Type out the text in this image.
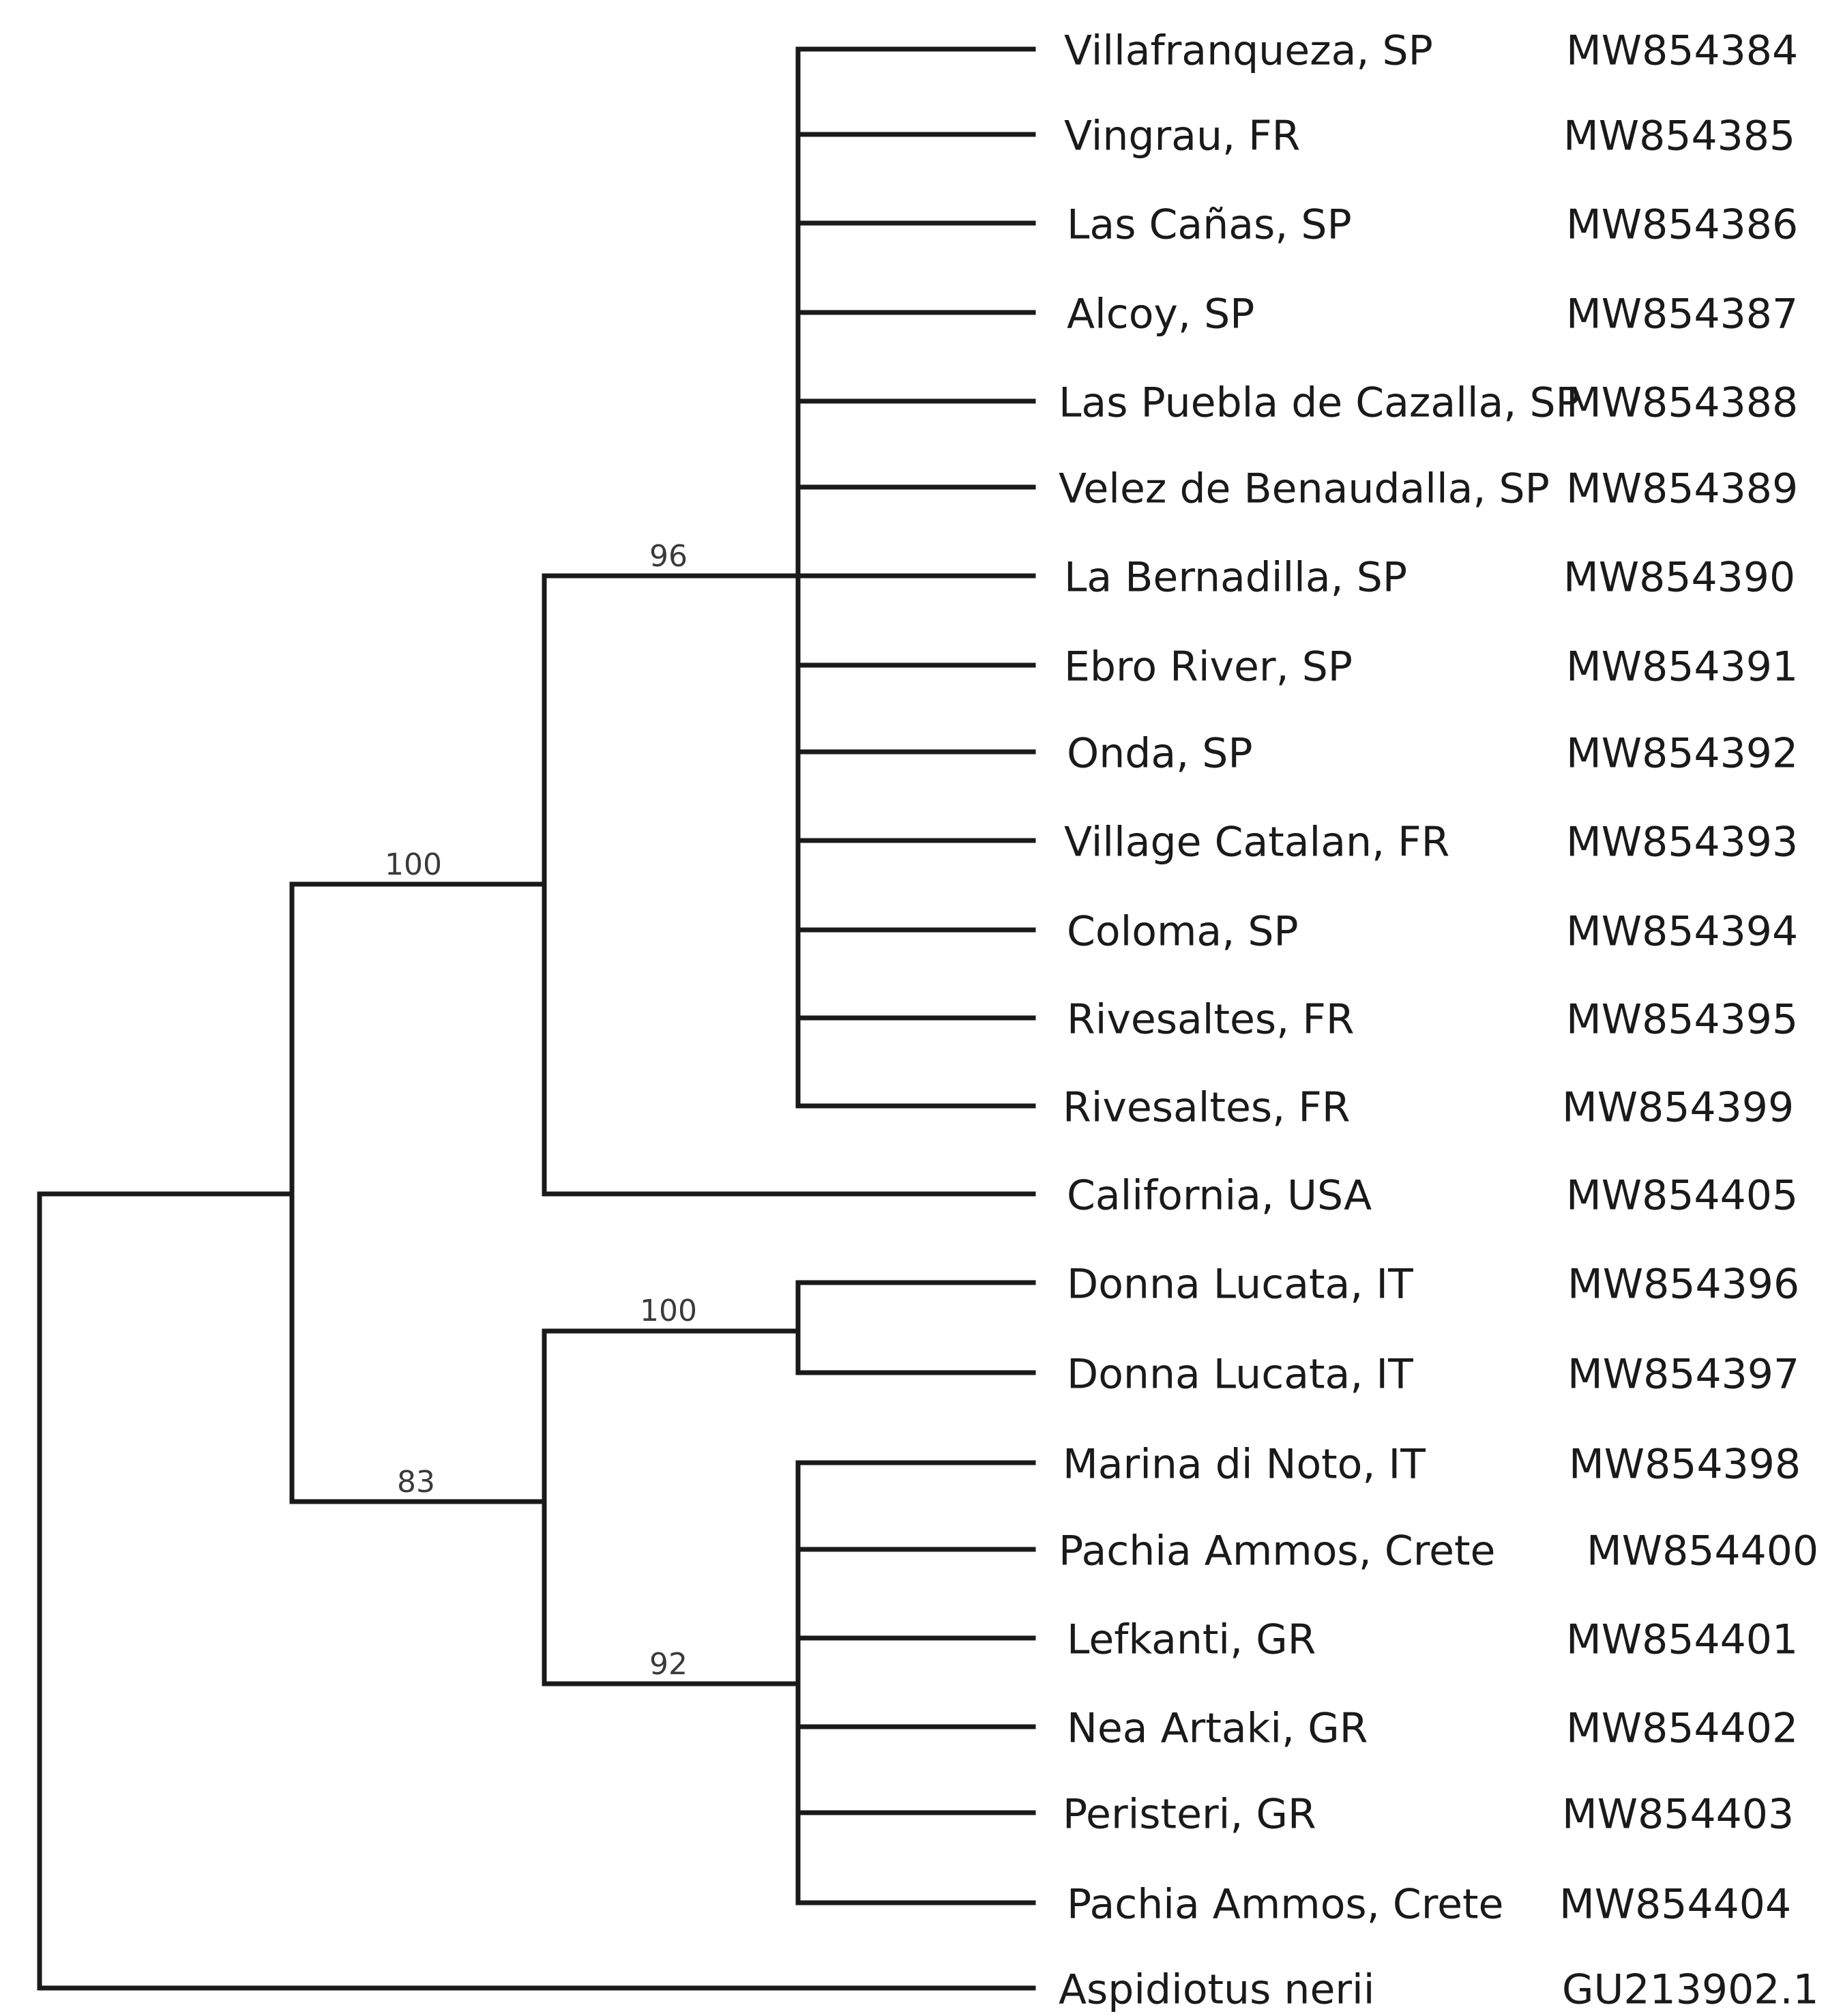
96
100
100
83
92
Villafranqueza, SP
Vingrau, FR
Las Cañas, SP
Alcoy, SP
Las Puebla de Cazalla, SP
Velez de Benaudalla, SP
La Bernadilla, SP
Ebro River, SP
Onda, SP
Village Catalan, FR
Coloma, SP
Rivesaltes, FR
Rivesaltes, FR
California, USA
Donna Lucata, IT
Donna Lucata, IT
Marina di Noto, IT
Pachia Ammos, Crete
Lefkanti, GR
Nea Artaki, GR
Peristeri, GR
Pachia Ammos, Crete
Aspidiotus nerii
MW854384
MW854385
MW854386
MW854387
MW854388
MW854389
MW854390
MW854391
MW854392
MW854393
MW854394
MW854395
MW854399
MW854405
MW854396
MW854397
MW854398
MW854400
MW854401
MW854402
MW854403
MW854404
GU213902.1
